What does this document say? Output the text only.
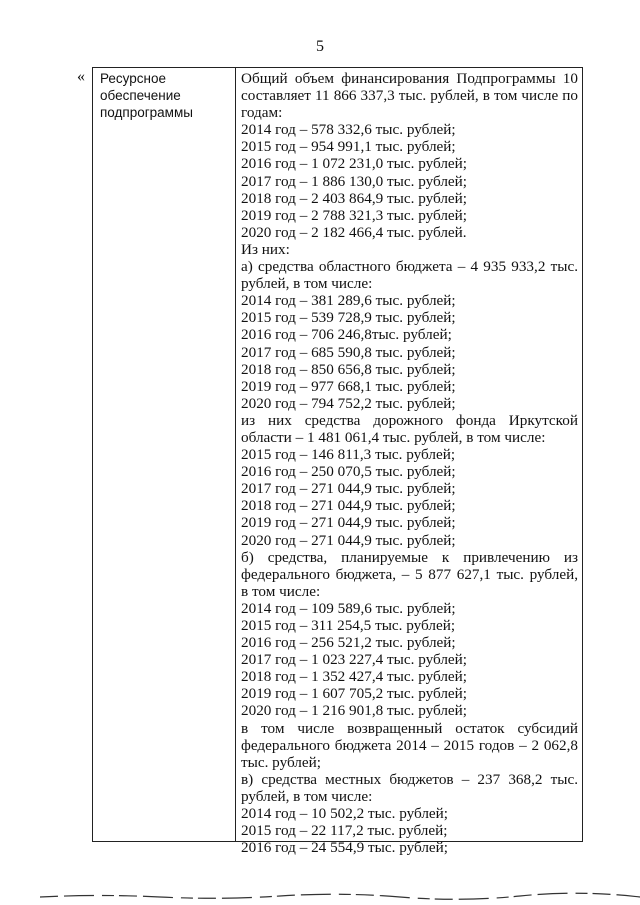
5
« Ресурсное
обеспечение
подпрограммы
Общий объем финансирования Подпрограммы 10
составляет 11 866 337,3 тыс. рублей, в том числе по
годам:
2014 год – 578 332,6 тыс. рублей;
2015 год – 954 991,1 тыс. рублей;
2016 год – 1 072 231,0 тыс. рублей;
2017 год – 1 886 130,0 тыс. рублей;
2018 год – 2 403 864,9 тыс. рублей;
2019 год – 2 788 321,3 тыс. рублей;
2020 год – 2 182 466,4 тыс. рублей.
Из них:
а) средства областного бюджета – 4 935 933,2 тыс.
рублей, в том числе:
2014 год – 381 289,6 тыс. рублей;
2015 год – 539 728,9 тыс. рублей;
2016 год – 706 246,8тыс. рублей;
2017 год – 685 590,8 тыс. рублей;
2018 год – 850 656,8 тыс. рублей;
2019 год – 977 668,1 тыс. рублей;
2020 год – 794 752,2 тыс. рублей;
из них средства дорожного фонда Иркутской
области – 1 481 061,4 тыс. рублей, в том числе:
2015 год – 146 811,3 тыс. рублей;
2016 год – 250 070,5 тыс. рублей;
2017 год – 271 044,9 тыс. рублей;
2018 год – 271 044,9 тыс. рублей;
2019 год – 271 044,9 тыс. рублей;
2020 год – 271 044,9 тыс. рублей;
б) средства, планируемые к привлечению из
федерального бюджета, – 5 877 627,1 тыс. рублей,
в том числе:
2014 год – 109 589,6 тыс. рублей;
2015 год – 311 254,5 тыс. рублей;
2016 год – 256 521,2 тыс. рублей;
2017 год – 1 023 227,4 тыс. рублей;
2018 год – 1 352 427,4 тыс. рублей;
2019 год – 1 607 705,2 тыс. рублей;
2020 год – 1 216 901,8 тыс. рублей;
в том числе возвращенный остаток субсидий
федерального бюджета 2014 – 2015 годов – 2 062,8
тыс. рублей;
в) средства местных бюджетов – 237 368,2 тыс.
рублей, в том числе:
2014 год – 10 502,2 тыс. рублей;
2015 год – 22 117,2 тыс. рублей;
2016 год – 24 554,9 тыс. рублей;
